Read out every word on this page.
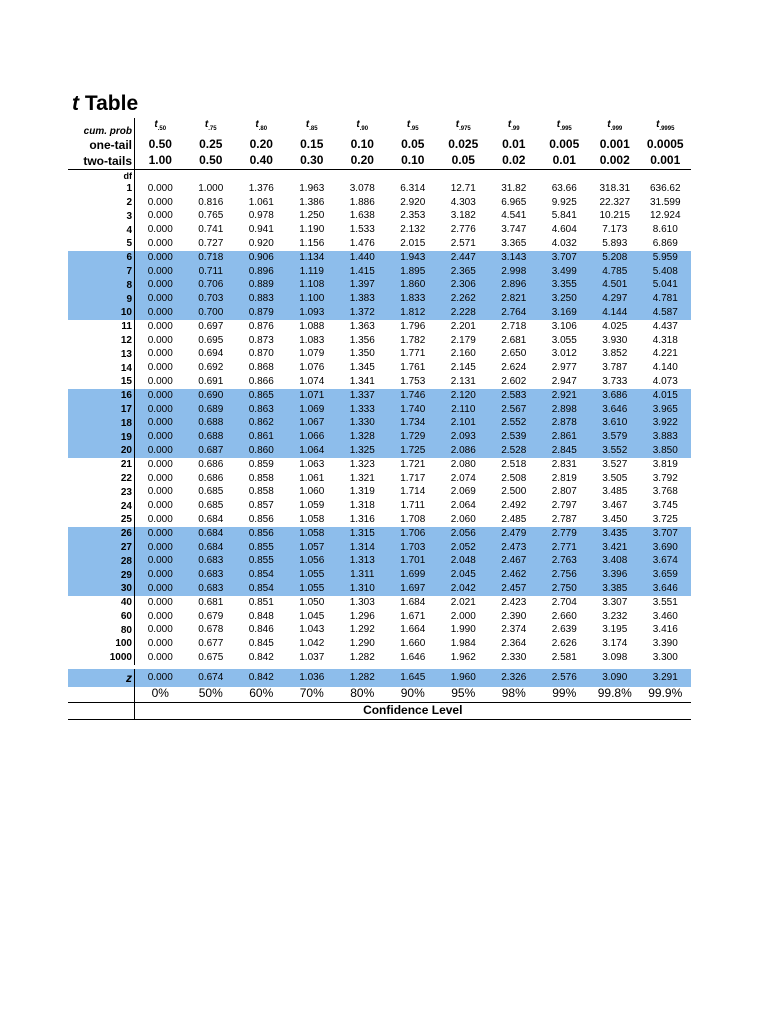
t Table
cum. prob	$t_{.50}$	$t_{.75}$	$t_{.80}$	$t_{.85}$	$t_{.90}$	$t_{.95}$	$t_{.975}$	$t_{.99}$	$t_{.995}$	$t_{.999}$	$t_{.9995}$
one-tail	0.50	0.25	0.20	0.15	0.10	0.05	0.025	0.01	0.005	0.001	0.0005
two-tails	1.00	0.50	0.40	0.30	0.20	0.10	0.05	0.02	0.01	0.002	0.001
df											
1	0.000	1.000	1.376	1.963	3.078	6.314	12.71	31.82	63.66	318.31	636.62
2	0.000	0.816	1.061	1.386	1.886	2.920	4.303	6.965	9.925	22.327	31.599
3	0.000	0.765	0.978	1.250	1.638	2.353	3.182	4.541	5.841	10.215	12.924
4	0.000	0.741	0.941	1.190	1.533	2.132	2.776	3.747	4.604	7.173	8.610
5	0.000	0.727	0.920	1.156	1.476	2.015	2.571	3.365	4.032	5.893	6.869
6	0.000	0.718	0.906	1.134	1.440	1.943	2.447	3.143	3.707	5.208	5.959
7	0.000	0.711	0.896	1.119	1.415	1.895	2.365	2.998	3.499	4.785	5.408
8	0.000	0.706	0.889	1.108	1.397	1.860	2.306	2.896	3.355	4.501	5.041
9	0.000	0.703	0.883	1.100	1.383	1.833	2.262	2.821	3.250	4.297	4.781
10	0.000	0.700	0.879	1.093	1.372	1.812	2.228	2.764	3.169	4.144	4.587
11	0.000	0.697	0.876	1.088	1.363	1.796	2.201	2.718	3.106	4.025	4.437
12	0.000	0.695	0.873	1.083	1.356	1.782	2.179	2.681	3.055	3.930	4.318
13	0.000	0.694	0.870	1.079	1.350	1.771	2.160	2.650	3.012	3.852	4.221
14	0.000	0.692	0.868	1.076	1.345	1.761	2.145	2.624	2.977	3.787	4.140
15	0.000	0.691	0.866	1.074	1.341	1.753	2.131	2.602	2.947	3.733	4.073
16	0.000	0.690	0.865	1.071	1.337	1.746	2.120	2.583	2.921	3.686	4.015
17	0.000	0.689	0.863	1.069	1.333	1.740	2.110	2.567	2.898	3.646	3.965
18	0.000	0.688	0.862	1.067	1.330	1.734	2.101	2.552	2.878	3.610	3.922
19	0.000	0.688	0.861	1.066	1.328	1.729	2.093	2.539	2.861	3.579	3.883
20	0.000	0.687	0.860	1.064	1.325	1.725	2.086	2.528	2.845	3.552	3.850
21	0.000	0.686	0.859	1.063	1.323	1.721	2.080	2.518	2.831	3.527	3.819
22	0.000	0.686	0.858	1.061	1.321	1.717	2.074	2.508	2.819	3.505	3.792
23	0.000	0.685	0.858	1.060	1.319	1.714	2.069	2.500	2.807	3.485	3.768
24	0.000	0.685	0.857	1.059	1.318	1.711	2.064	2.492	2.797	3.467	3.745
25	0.000	0.684	0.856	1.058	1.316	1.708	2.060	2.485	2.787	3.450	3.725
26	0.000	0.684	0.856	1.058	1.315	1.706	2.056	2.479	2.779	3.435	3.707
27	0.000	0.684	0.855	1.057	1.314	1.703	2.052	2.473	2.771	3.421	3.690
28	0.000	0.683	0.855	1.056	1.313	1.701	2.048	2.467	2.763	3.408	3.674
29	0.000	0.683	0.854	1.055	1.311	1.699	2.045	2.462	2.756	3.396	3.659
30	0.000	0.683	0.854	1.055	1.310	1.697	2.042	2.457	2.750	3.385	3.646
40	0.000	0.681	0.851	1.050	1.303	1.684	2.021	2.423	2.704	3.307	3.551
60	0.000	0.679	0.848	1.045	1.296	1.671	2.000	2.390	2.660	3.232	3.460
80	0.000	0.678	0.846	1.043	1.292	1.664	1.990	2.374	2.639	3.195	3.416
100	0.000	0.677	0.845	1.042	1.290	1.660	1.984	2.364	2.626	3.174	3.390
1000	0.000	0.675	0.842	1.037	1.282	1.646	1.962	2.330	2.581	3.098	3.300
z	0.000	0.674	0.842	1.036	1.282	1.645	1.960	2.326	2.576	3.090	3.291
	0%	50%	60%	70%	80%	90%	95%	98%	99%	99.8%	99.9%
	Confidence Level										
